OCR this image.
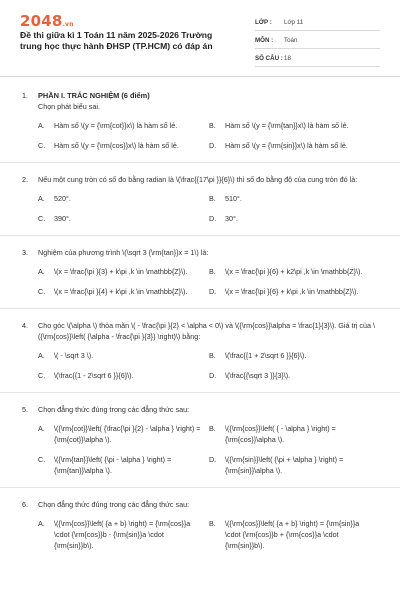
2048.vn
Đề thi giữa kì 1 Toán 11 năm 2025-2026 Trường trung học thực hành ĐHSP (TP.HCM) có đáp án
LỚP : Lớp 11
MÔN : Toán
SỐ CÂU : 18
1. PHẦN I. TRẮC NGHIỆM (6 điểm)
Chọn phát biểu sai.
A.	Hàm số \(y = {\rm{cot}}x\) là hàm số lẻ.	B.	Hàm số \(y = {\rm{tan}}x\) là hàm số lẻ.
C.	Hàm số \(y = {\rm{cos}}x\) là hàm số lẻ.	D.	Hàm số \(y = {\rm{sin}}x\) là hàm số lẻ.
2. Nếu một cung tròn có số đo bằng radian là \(\frac{{17\pi }}{6}\) thì số đo bằng độ của cung tròn đó là:
A.	520°.	B.	510°.
C.	390°.	D.	30°.
3. Nghiệm của phương trình \(\sqrt 3 {\rm{tan}}x = 1\) là:
A.	\(x = \frac{\pi }{3} + k\pi ,k \in \mathbb{Z}\).	B.	\(x = \frac{\pi }{6} + k2\pi ,k \in \mathbb{Z}\).
C.	\(x = \frac{\pi }{4} + k\pi ,k \in \mathbb{Z}\).	D.	\(x = \frac{\pi }{6} + k\pi ,k \in \mathbb{Z}\).
4. Cho góc \(\alpha \) thỏa mãn \( - \frac{\pi }{2} < \alpha < 0\) và \({\rm{cos}}\alpha = \frac{1}{3}\). Giá trị của \({\rm{cos}}\left( {\alpha - \frac{\pi }{3}} \right)\) bằng:
A.	\( - \sqrt 3 \).	B.	\(\frac{{1 + 2\sqrt 6 }}{6}\).
C.	\(\frac{{1 - 2\sqrt 6 }}{6}\).	D.	\(\frac{{\sqrt 3 }}{3}\).
5. Chọn đẳng thức đúng trong các đẳng thức sau:
A.	\({\rm{cot}}\left( {\frac{\pi }{2} - \alpha } \right) = {\rm{cot}}\alpha \).
B.	\({\rm{cos}}\left( { - \alpha } \right) = {\rm{cos}}\alpha \).
C.	\({\rm{tan}}\left( {\pi - \alpha } \right) = {\rm{tan}}\alpha \).
D.	\({\rm{sin}}\left( {\pi + \alpha } \right) = {\rm{sin}}\alpha \).
6. Chọn đẳng thức đúng trong các đẳng thức sau:
A.	\({\rm{cos}}\left( {a + b} \right) = {\rm{cos}}a \cdot {\rm{cos}}b - {\rm{sin}}a \cdot {\rm{sin}}b\).
B.	\({\rm{cos}}\left( {a + b} \right) = {\rm{sin}}a \cdot {\rm{cos}}b + {\rm{cos}}a \cdot {\rm{sin}}b\).
